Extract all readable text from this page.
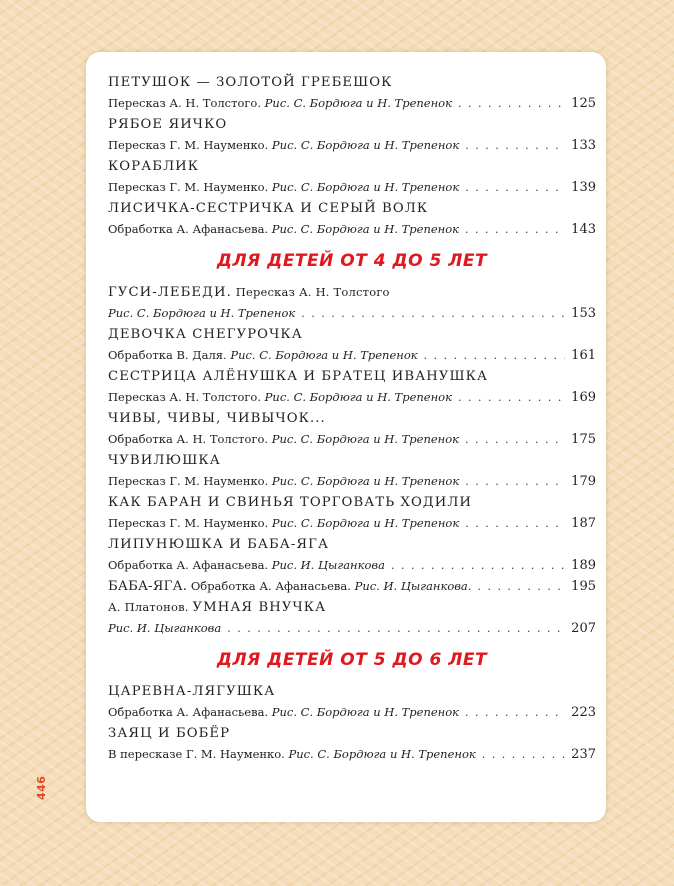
ПЕТУШОК — ЗОЛОТОЙ ГРЕБЕШОК
Пересказ А. Н. Толстого. Рис. С. Бордюга и Н. Трепенок . . .	125
РЯБОЕ ЯИЧКО
Пересказ Г. М. Науменко. Рис. С. Бордюга и Н. Трепенок . . .	133
КОРАБЛИК
Пересказ Г. М. Науменко. Рис. С. Бордюга и Н. Трепенок . . .	139
ЛИСИЧКА-СЕСТРИЧКА И СЕРЫЙ ВОЛК
Обработка А. Афанасьева. Рис. С. Бордюга и Н. Трепенок . . .	143
ДЛЯ ДЕТЕЙ ОТ 4 ДО 5 ЛЕТ
ГУСИ-ЛЕБЕДИ. Пересказ А. Н. Толстого
Рис. С. Бордюга и Н. Трепенок . . .	153
ДЕВОЧКА СНЕГУРОЧКА
Обработка В. Даля. Рис. С. Бордюга и Н. Трепенок . . .	161
СЕСТРИЦА АЛЁНУШКА И БРАТЕЦ ИВАНУШКА
Пересказ А. Н. Толстого. Рис. С. Бордюга и Н. Трепенок . . .	169
ЧИВЫ, ЧИВЫ, ЧИВЫЧОК...
Обработка А. Н. Толстого. Рис. С. Бордюга и Н. Трепенок . . .	175
ЧУВИЛЮШКА
Пересказ Г. М. Науменко. Рис. С. Бордюга и Н. Трепенок . . .	179
КАК БАРАН И СВИНЬЯ ТОРГОВАТЬ ХОДИЛИ
Пересказ Г. М. Науменко. Рис. С. Бордюга и Н. Трепенок . . .	187
ЛИПУНЮШКА И БАБА-ЯГА
Обработка А. Афанасьева. Рис. И. Цыганкова . . .	189
БАБА-ЯГА. Обработка А. Афанасьева. Рис. И. Цыганкова. . . .	195
А. Платонов. УМНАЯ ВНУЧКА
Рис. И. Цыганкова . . .	207
ДЛЯ ДЕТЕЙ ОТ 5 ДО 6 ЛЕТ
ЦАРЕВНА-ЛЯГУШКА
Обработка А. Афанасьева. Рис. С. Бордюга и Н. Трепенок . . .	223
ЗАЯЦ И БОБЁР
В пересказе Г. М. Науменко. Рис. С. Бордюга и Н. Трепенок . . .	237
446
